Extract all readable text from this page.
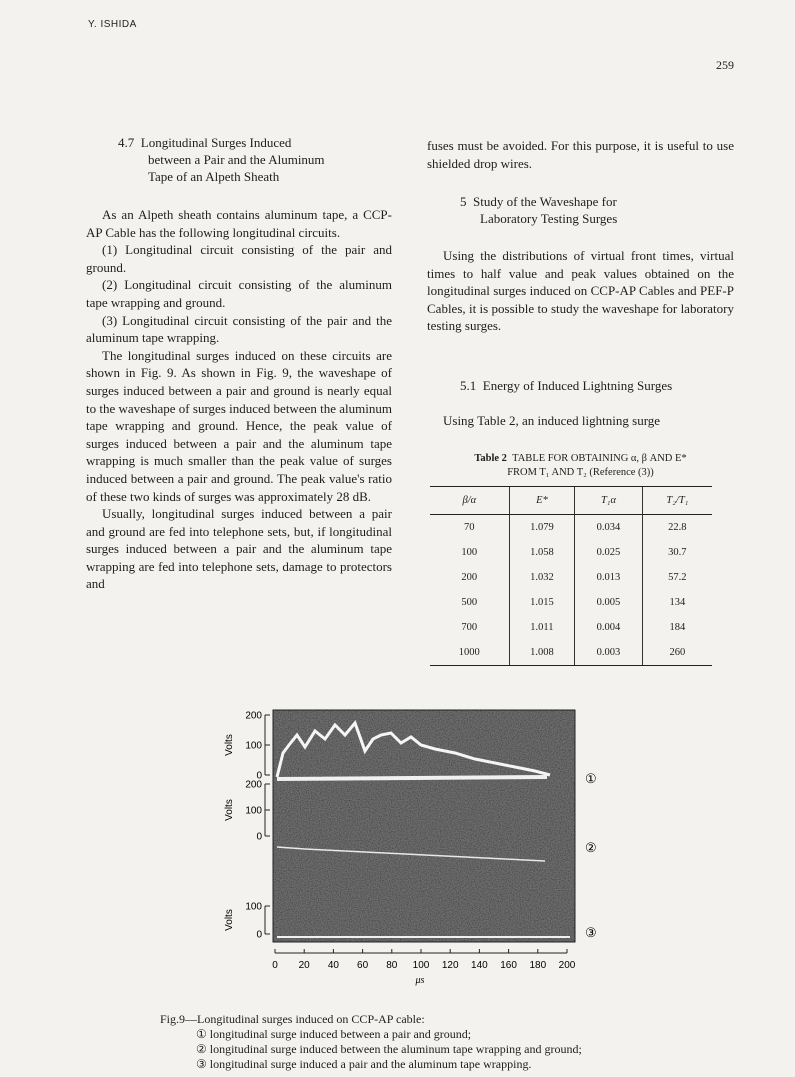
Y. ISHIDA
259
4.7 Longitudinal Surges Induced
between a Pair and the Aluminum
Tape of an Alpeth Sheath

As an Alpeth sheath contains aluminum tape, a CCP-AP Cable has the following longitudinal circuits.

(1) Longitudinal circuit consisting of the pair and ground.

(2) Longitudinal circuit consisting of the aluminum tape wrapping and ground.

(3) Longitudinal circuit consisting of the pair and the aluminum tape wrapping.

The longitudinal surges induced on these circuits are shown in Fig. 9. As shown in Fig. 9, the waveshape of surges induced between a pair and ground is nearly equal to the waveshape of surges induced between the aluminum tape wrapping and ground. Hence, the peak value of surges induced between a pair and the aluminum tape wrapping is much smaller than the peak value of surges induced between a pair and ground. The peak value's ratio of these two kinds of surges was approximately 28 dB.

Usually, longitudinal surges induced between a pair and ground are fed into telephone sets, but, if longitudinal surges induced between a pair and the aluminum tape wrapping are fed into telephone sets, damage to protectors and

fuses must be avoided. For this purpose, it is useful to use shielded drop wires.

5 Study of the Waveshape for
Laboratory Testing Surges

Using the distributions of virtual front times, virtual times to half value and peak values obtained on the longitudinal surges induced on CCP-AP Cables and PEF-P Cables, it is possible to study the waveshape for laboratory testing surges.

5.1 Energy of Induced Lightning Surges

Using Table 2, an induced lightning surge

Table 2 TABLE FOR OBTAINING α, β AND E*
FROM T₁ AND T₂ (Reference (3))
β/α	E*	T₁α	T₂/T₁
70	1.079	0.034	22.8
100	1.058	0.025	30.7
200	1.032	0.013	57.2
500	1.015	0.005	134
700	1.011	0.004	184
1000	1.008	0.003	260
200
100
0
Volts
200
100
0
Volts
100
0
Volts
0 20 40 60 80 100 120 140 160 180 200
μs
①
②
③
Fig.9—Longitudinal surges induced on CCP-AP cable:
① longitudinal surge induced between a pair and ground;
② longitudinal surge induced between the aluminum tape wrapping and ground;
③ longitudinal surge induced a pair and the aluminum tape wrapping.
